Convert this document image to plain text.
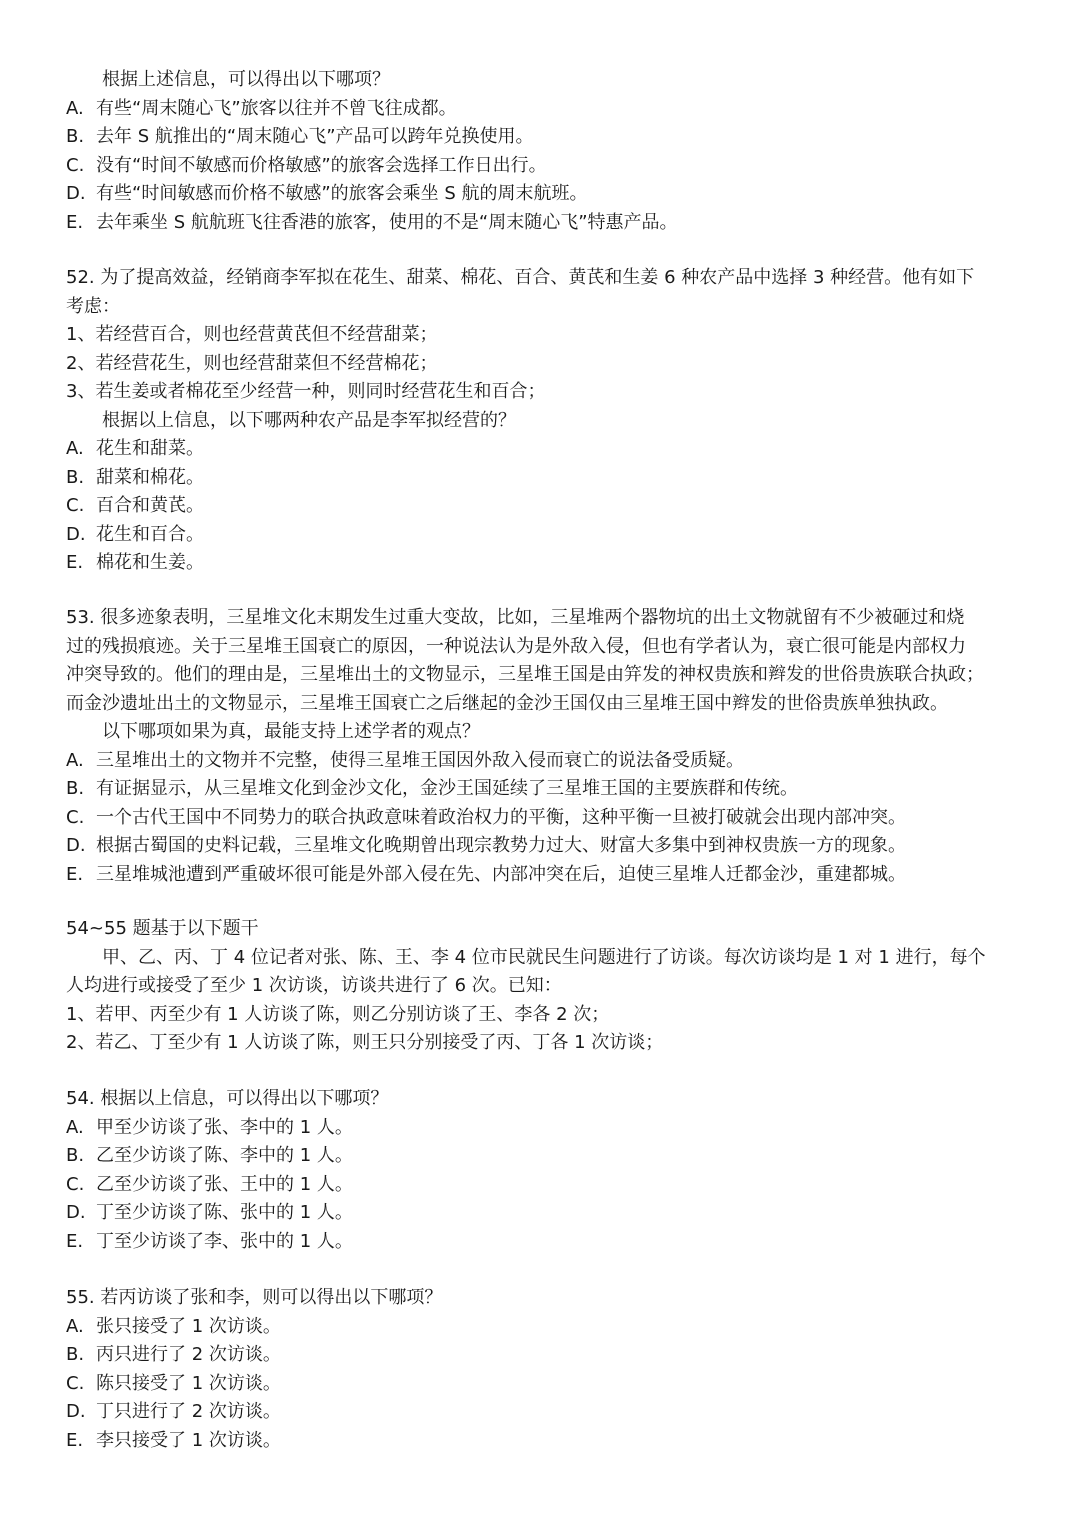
根据上述信息，可以得出以下哪项？
A. 有些“周末随心飞”旅客以往并不曾飞往成都。
B. 去年 S 航推出的“周末随心飞”产品可以跨年兑换使用。
C. 没有“时间不敏感而价格敏感”的旅客会选择工作日出行。
D. 有些“时间敏感而价格不敏感”的旅客会乘坐 S 航的周末航班。
E. 去年乘坐 S 航航班飞往香港的旅客，使用的不是“周末随心飞”特惠产品。
52. 为了提高效益，经销商李军拟在花生、甜菜、棉花、百合、黄芪和生姜 6 种农产品中选择 3 种经营。他有如下
考虑：
1、若经营百合，则也经营黄芪但不经营甜菜；
2、若经营花生，则也经营甜菜但不经营棉花；
3、若生姜或者棉花至少经营一种，则同时经营花生和百合；
根据以上信息，以下哪两种农产品是李军拟经营的？
A. 花生和甜菜。
B. 甜菜和棉花。
C. 百合和黄芪。
D. 花生和百合。
E. 棉花和生姜。
53. 很多迹象表明，三星堆文化末期发生过重大变故，比如，三星堆两个器物坑的出土文物就留有不少被砸过和烧
过的残损痕迹。关于三星堆王国衰亡的原因，一种说法认为是外敌入侵，但也有学者认为，衰亡很可能是内部权力
冲突导致的。他们的理由是，三星堆出土的文物显示，三星堆王国是由笄发的神权贵族和辫发的世俗贵族联合执政；
而金沙遗址出土的文物显示，三星堆王国衰亡之后继起的金沙王国仅由三星堆王国中辫发的世俗贵族单独执政。
以下哪项如果为真，最能支持上述学者的观点？
A. 三星堆出土的文物并不完整，使得三星堆王国因外敌入侵而衰亡的说法备受质疑。
B. 有证据显示，从三星堆文化到金沙文化，金沙王国延续了三星堆王国的主要族群和传统。
C. 一个古代王国中不同势力的联合执政意味着政治权力的平衡，这种平衡一旦被打破就会出现内部冲突。
D. 根据古蜀国的史料记载，三星堆文化晚期曾出现宗教势力过大、财富大多集中到神权贵族一方的现象。
E. 三星堆城池遭到严重破坏很可能是外部入侵在先、内部冲突在后，迫使三星堆人迁都金沙，重建都城。
54~55 题基于以下题干
甲、乙、丙、丁 4 位记者对张、陈、王、李 4 位市民就民生问题进行了访谈。每次访谈均是 1 对 1 进行，每个
人均进行或接受了至少 1 次访谈，访谈共进行了 6 次。已知：
1、若甲、丙至少有 1 人访谈了陈，则乙分别访谈了王、李各 2 次；
2、若乙、丁至少有 1 人访谈了陈，则王只分别接受了丙、丁各 1 次访谈；
54. 根据以上信息，可以得出以下哪项？
A. 甲至少访谈了张、李中的 1 人。
B. 乙至少访谈了陈、李中的 1 人。
C. 乙至少访谈了张、王中的 1 人。
D. 丁至少访谈了陈、张中的 1 人。
E. 丁至少访谈了李、张中的 1 人。
55. 若丙访谈了张和李，则可以得出以下哪项？
A. 张只接受了 1 次访谈。
B. 丙只进行了 2 次访谈。
C. 陈只接受了 1 次访谈。
D. 丁只进行了 2 次访谈。
E. 李只接受了 1 次访谈。
